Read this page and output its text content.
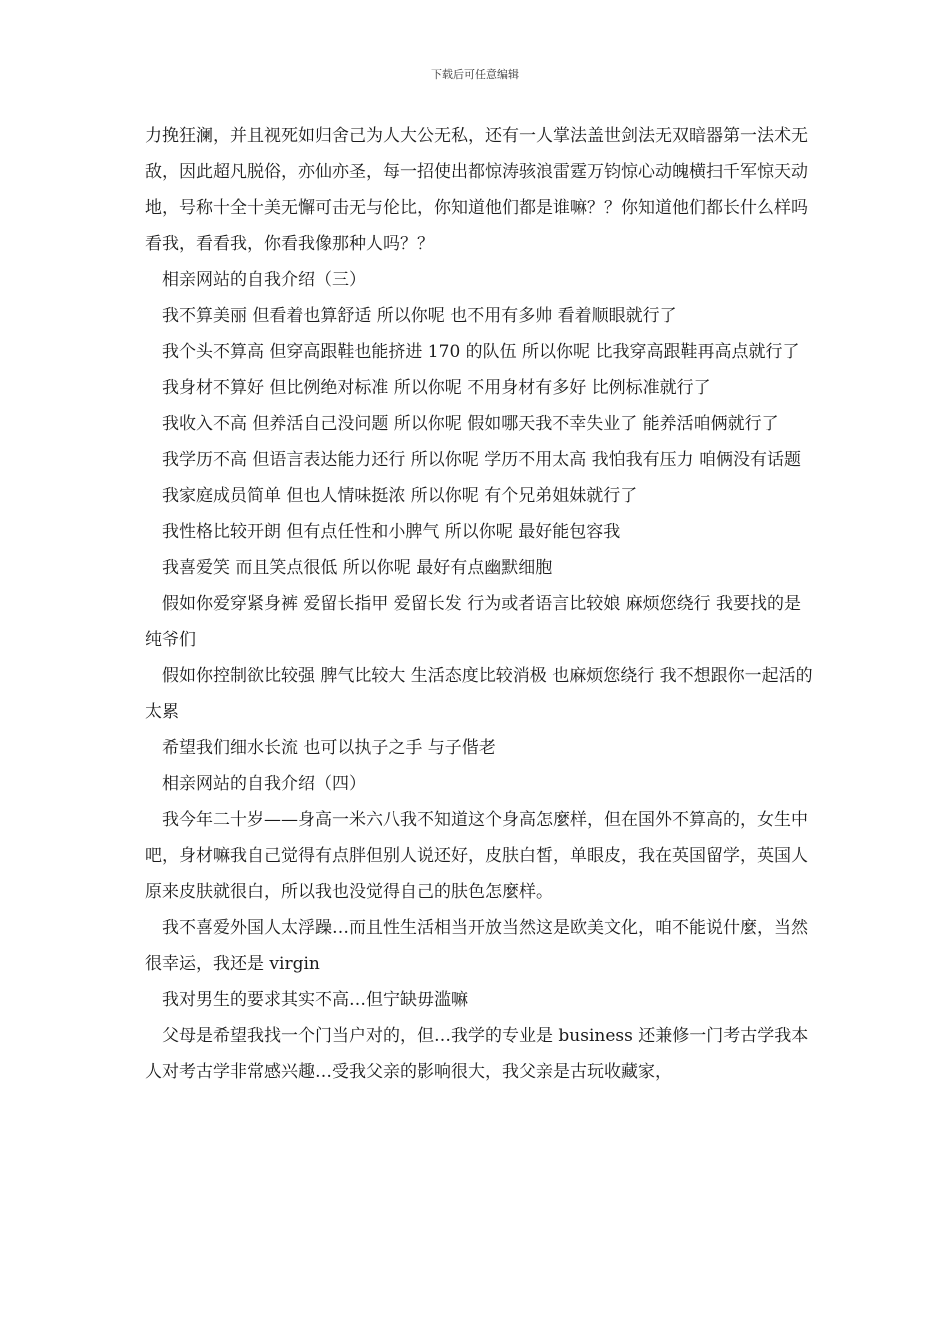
下载后可任意编辑

力挽狂澜，并且视死如归舍己为人大公无私，还有一人掌法盖世剑法无双暗器第一法术无敌，因此超凡脱俗，亦仙亦圣，每一招使出都惊涛骇浪雷霆万钧惊心动魄横扫千军惊天动地，号称十全十美无懈可击无与伦比，你知道他们都是谁嘛？？你知道他们都长什么样吗看我，看看我，你看我像那种人吗？？

相亲网站的自我介绍（三）

我不算美丽 但看着也算舒适 所以你呢 也不用有多帅 看着顺眼就行了

我个头不算高 但穿高跟鞋也能挤进 170 的队伍 所以你呢 比我穿高跟鞋再高点就行了

我身材不算好 但比例绝对标准 所以你呢 不用身材有多好 比例标准就行了

我收入不高 但养活自己没问题 所以你呢 假如哪天我不幸失业了 能养活咱俩就行了

我学历不高 但语言表达能力还行 所以你呢 学历不用太高 我怕我有压力 咱俩没有话题

我家庭成员简单 但也人情味挺浓 所以你呢 有个兄弟姐妹就行了

我性格比较开朗 但有点任性和小脾气 所以你呢 最好能包容我

我喜爱笑 而且笑点很低 所以你呢 最好有点幽默细胞

假如你爱穿紧身裤 爱留长指甲 爱留长发 行为或者语言比较娘 麻烦您绕行 我要找的是纯爷们

假如你控制欲比较强 脾气比较大 生活态度比较消极 也麻烦您绕行 我不想跟你一起活的太累

希望我们细水长流 也可以执子之手 与子偕老

相亲网站的自我介绍（四）

我今年二十岁——身高一米六八我不知道这个身高怎麼样，但在国外不算高的，女生中吧，身材嘛我自己觉得有点胖但别人说还好，皮肤白皙，单眼皮，我在英国留学，英国人原来皮肤就很白，所以我也没觉得自己的肤色怎麼样。

我不喜爱外国人太浮躁…而且性生活相当开放当然这是欧美文化，咱不能说什麼，当然很幸运，我还是 virgin

我对男生的要求其实不高…但宁缺毋滥嘛

父母是希望我找一个门当户对的，但…我学的专业是 business 还兼修一门考古学我本人对考古学非常感兴趣…受我父亲的影响很大，我父亲是古玩收藏家，
